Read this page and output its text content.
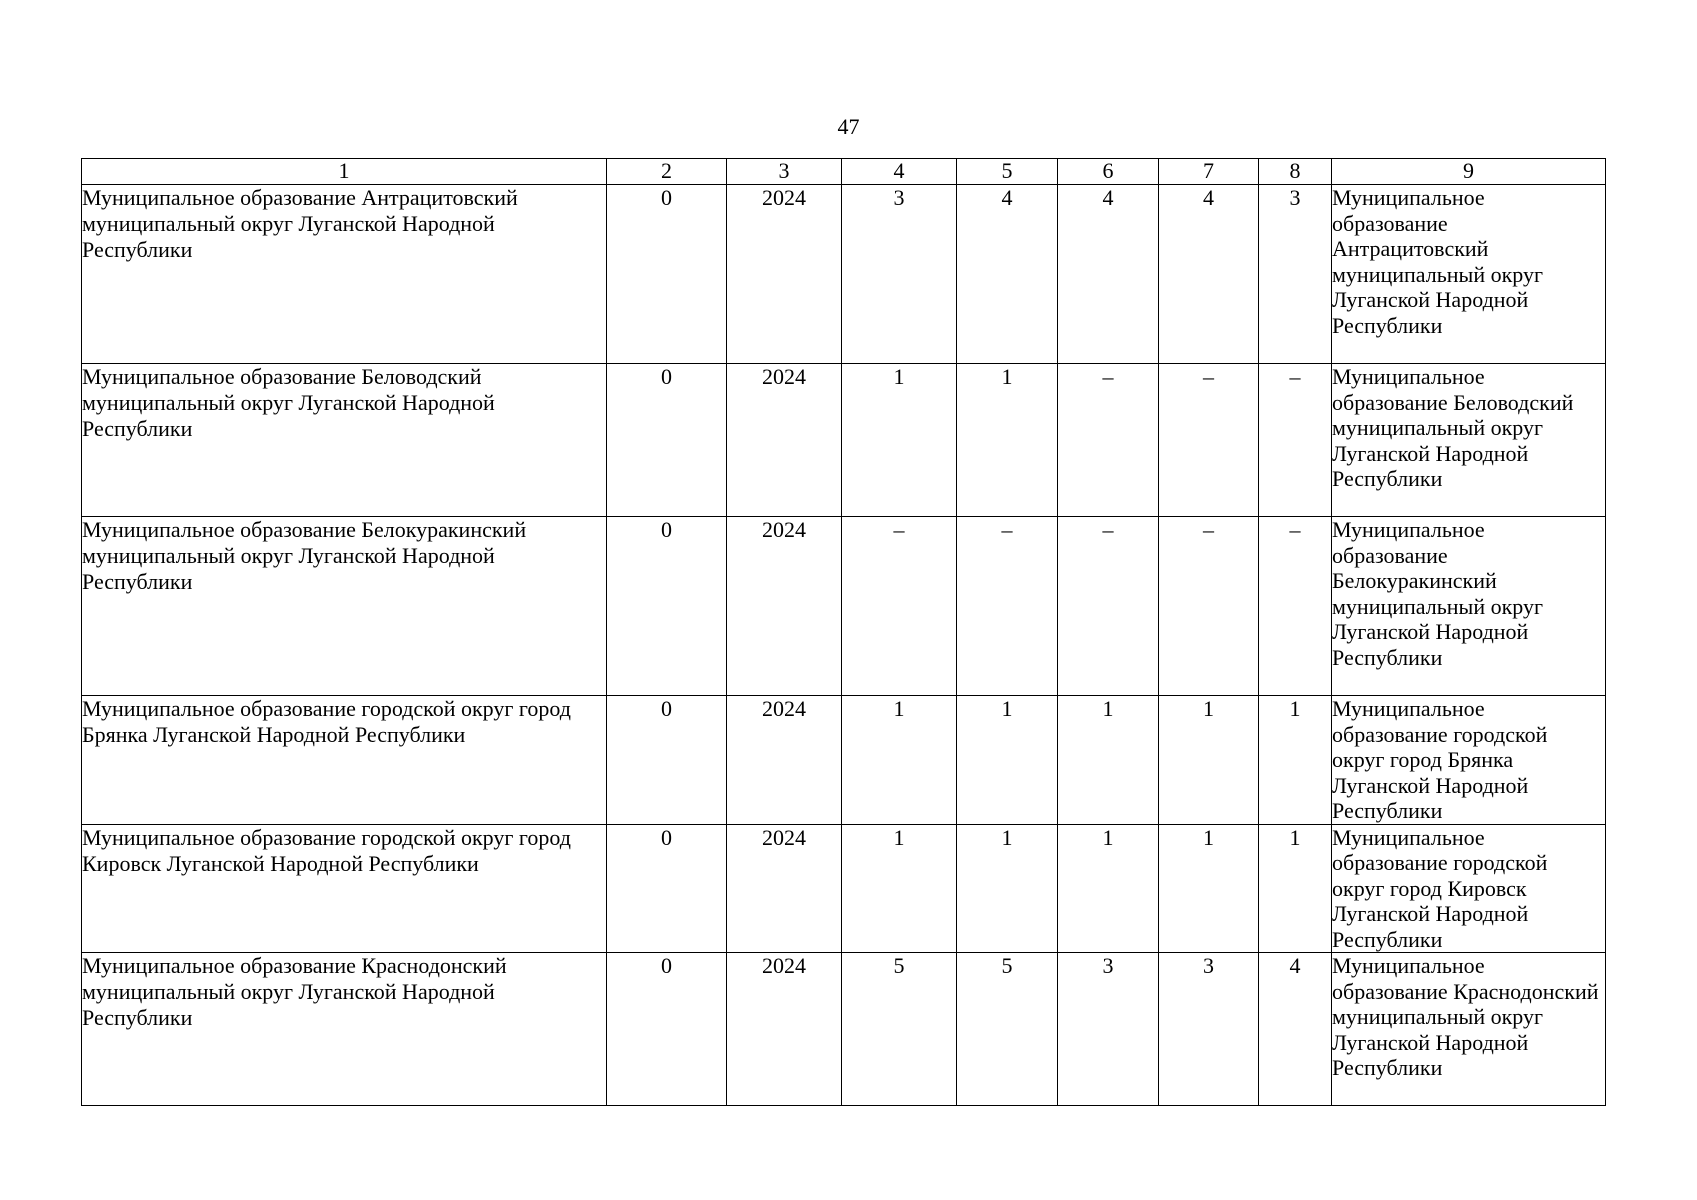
47
1	2	3	4	5	6	7	8	9
Муниципальное образование Антрацитовский муниципальный округ Луганской Народной Республики	0	2024	3	4	4	4	3	Муниципальное образование Антрацитовский муниципальный округ Луганской Народной Республики
Муниципальное образование Беловодский муниципальный округ Луганской Народной Республики	0	2024	1	1	–	–	–	Муниципальное образование Беловодский муниципальный округ Луганской Народной Республики
Муниципальное образование Белокуракинский муниципальный округ Луганской Народной Республики	0	2024	–	–	–	–	–	Муниципальное образование Белокуракинский муниципальный округ Луганской Народной Республики
Муниципальное образование городской округ город Брянка Луганской Народной Республики	0	2024	1	1	1	1	1	Муниципальное образование городской округ город Брянка Луганской Народной Республики
Муниципальное образование городской округ город Кировск Луганской Народной Республики	0	2024	1	1	1	1	1	Муниципальное образование городской округ город Кировск Луганской Народной Республики
Муниципальное образование Краснодонский муниципальный округ Луганской Народной Республики	0	2024	5	5	3	3	4	Муниципальное образование Краснодонский муниципальный округ Луганской Народной Республики
